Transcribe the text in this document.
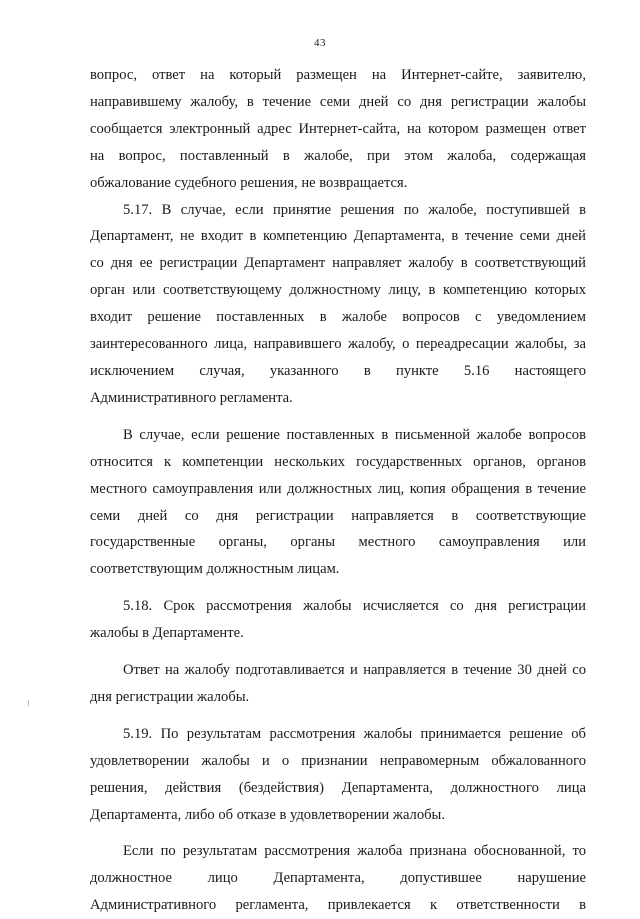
43
вопрос, ответ на который размещен на Интернет-сайте, заявителю,
направившему жалобу, в течение семи дней со дня регистрации жалобы
сообщается электронный адрес Интернет-сайта, на котором размещен ответ
на вопрос, поставленный в жалобе, при этом жалоба, содержащая
обжалование судебного решения, не возвращается.
5.17. В случае, если принятие решения по жалобе, поступившей в
Департамент, не входит в компетенцию Департамента, в течение семи дней
со дня ее регистрации Департамент направляет жалобу в соответствующий
орган или соответствующему должностному лицу, в компетенцию которых
входит решение поставленных в жалобе вопросов с уведомлением
заинтересованного лица, направившего жалобу, о переадресации жалобы, за
исключением случая, указанного в пункте 5.16 настоящего
Административного регламента.
В случае, если решение поставленных в письменной жалобе вопросов
относится к компетенции нескольких государственных органов, органов
местного самоуправления или должностных лиц, копия обращения в течение
семи дней со дня регистрации направляется в соответствующие
государственные органы, органы местного самоуправления или
соответствующим должностным лицам.
5.18. Срок рассмотрения жалобы исчисляется со дня регистрации
жалобы в Департаменте.
Ответ на жалобу подготавливается и направляется в течение 30 дней со
дня регистрации жалобы.
5.19. По результатам рассмотрения жалобы принимается решение об
удовлетворении жалобы и о признании неправомерным обжалованного
решения, действия (бездействия) Департамента, должностного лица
Департамента, либо об отказе в удовлетворении жалобы.
Если по результатам рассмотрения жалоба признана обоснованной, то
должностное лицо Департамента, допустившее нарушение
Административного регламента, привлекается к ответственности в
